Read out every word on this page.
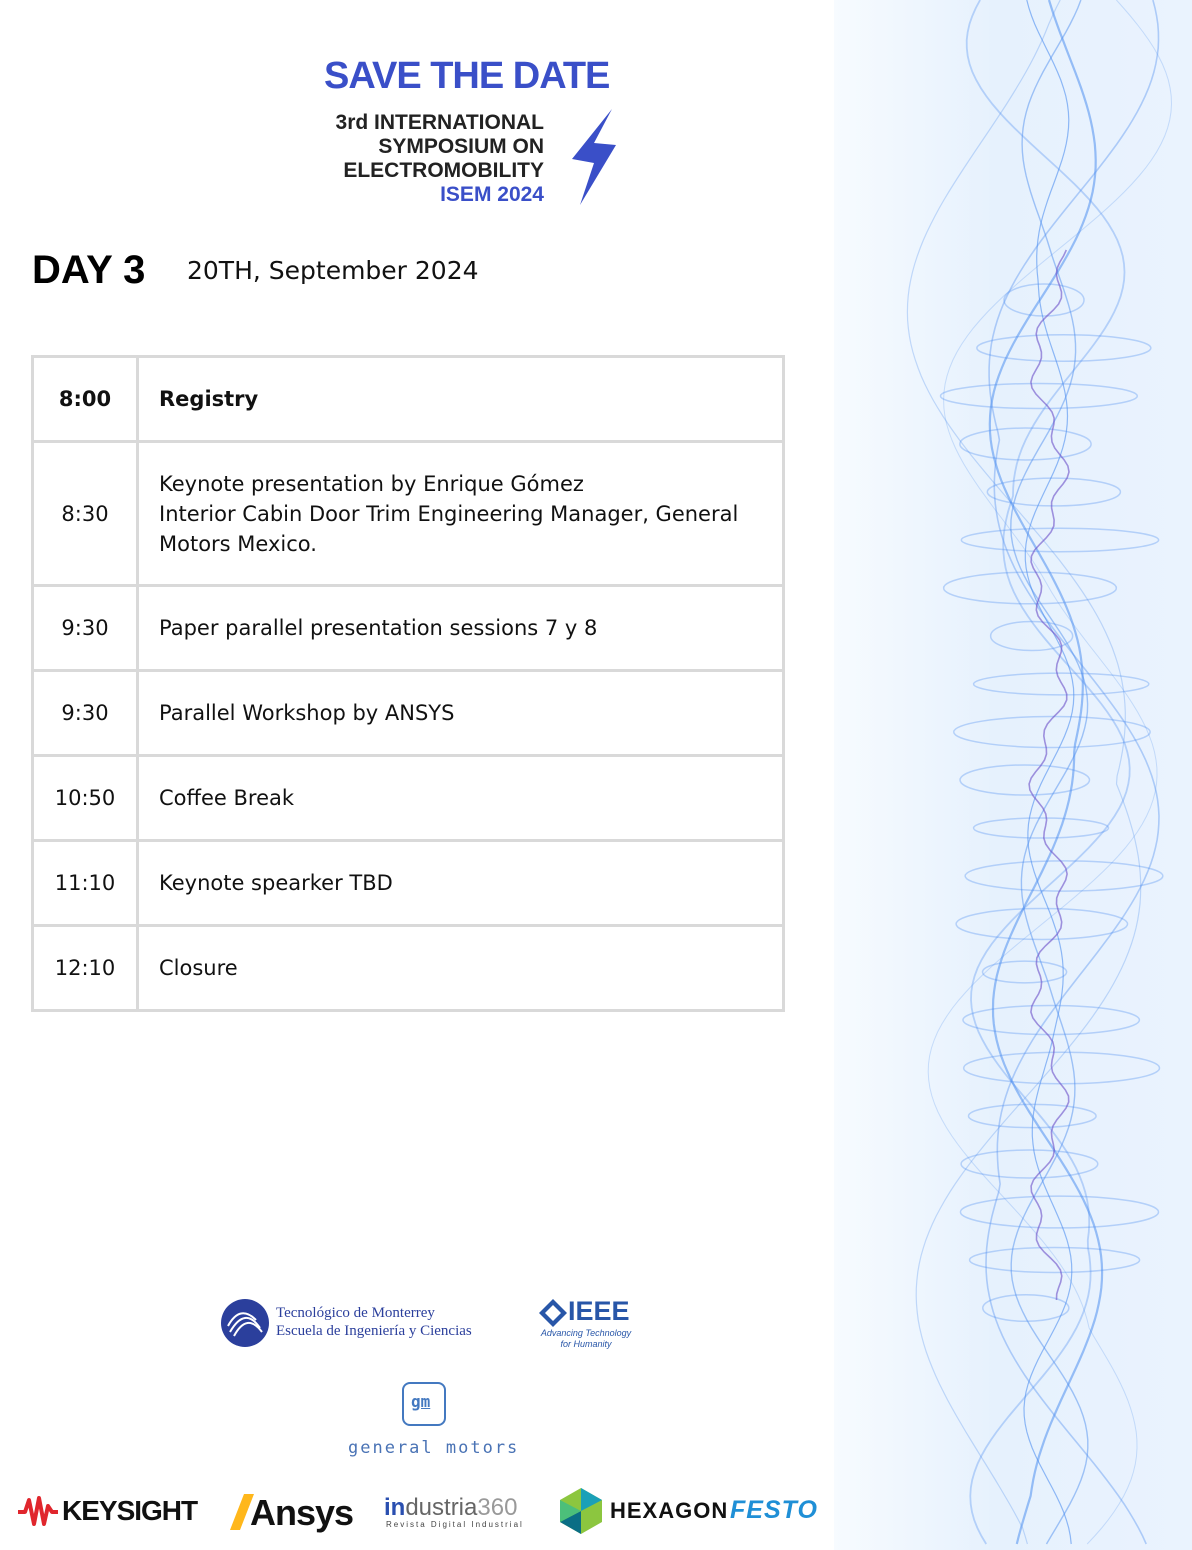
SAVE THE DATE
3rd INTERNATIONAL
SYMPOSIUM ON
ELECTROMOBILITY
ISEM 2024
DAY 3 20TH, September 2024
8:00	Registry
8:30	Keynote presentation by Enrique Gómez
Interior Cabin Door Trim Engineering Manager, General
Motors Mexico.
9:30	Paper parallel presentation sessions 7 y 8
9:30	Parallel Workshop by ANSYS
10:50	Coffee Break
11:10	Keynote spearker TBD
12:10	Closure
Tecnológico de Monterrey
Escuela de Ingeniería y Ciencias
IEEE
Advancing Technology
for Humanity
gm
general motors
KEYSIGHT Ansys industria360
Revista Digital Industrial
HEXAGON FESTO
